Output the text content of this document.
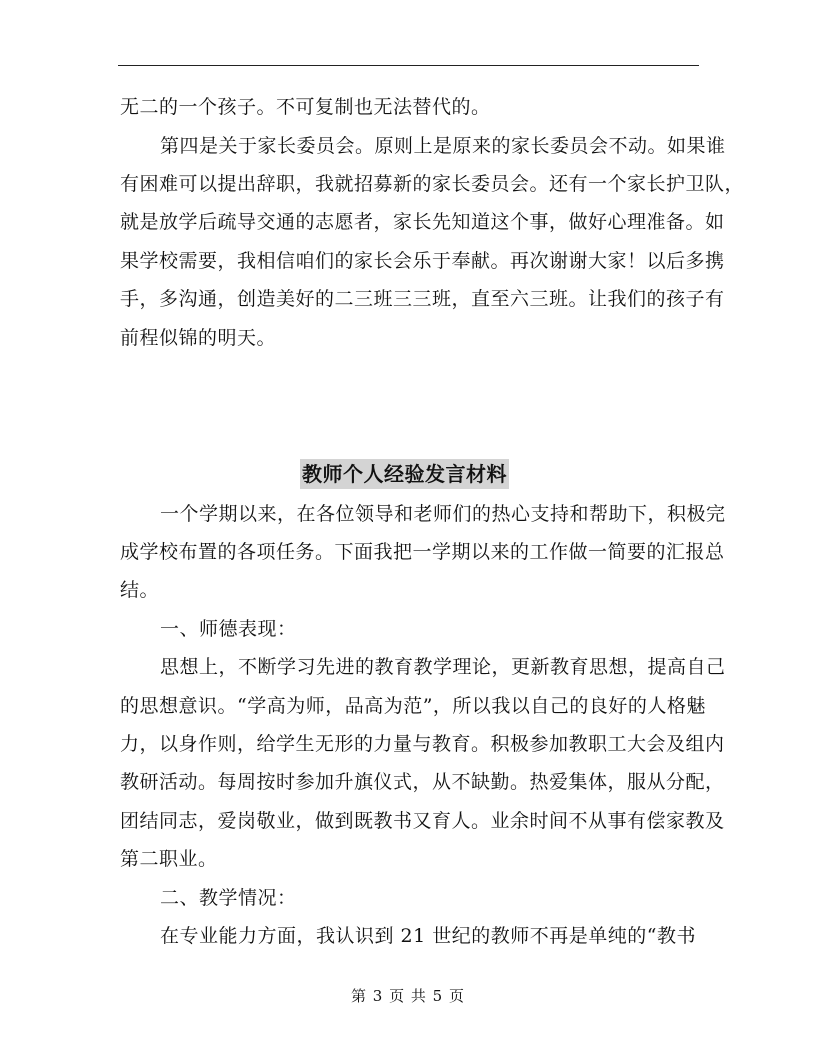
无二的一个孩子。不可复制也无法替代的。
第四是关于家长委员会。原则上是原来的家长委员会不动。如果谁
有困难可以提出辞职，我就招募新的家长委员会。还有一个家长护卫队，
就是放学后疏导交通的志愿者，家长先知道这个事，做好心理准备。如
果学校需要，我相信咱们的家长会乐于奉献。再次谢谢大家！以后多携
手，多沟通，创造美好的二三班三三班，直至六三班。让我们的孩子有
前程似锦的明天。
教师个人经验发言材料
一个学期以来，在各位领导和老师们的热心支持和帮助下，积极完
成学校布置的各项任务。下面我把一学期以来的工作做一简要的汇报总
结。
一、师德表现：
思想上，不断学习先进的教育教学理论，更新教育思想，提高自己
的思想意识。“学高为师，品高为范”，所以我以自己的良好的人格魅
力，以身作则，给学生无形的力量与教育。积极参加教职工大会及组内
教研活动。每周按时参加升旗仪式，从不缺勤。热爱集体，服从分配，
团结同志，爱岗敬业，做到既教书又育人。业余时间不从事有偿家教及
第二职业。
二、教学情况：
在专业能力方面，我认识到 21 世纪的教师不再是单纯的“教书
第 3 页 共 5 页
